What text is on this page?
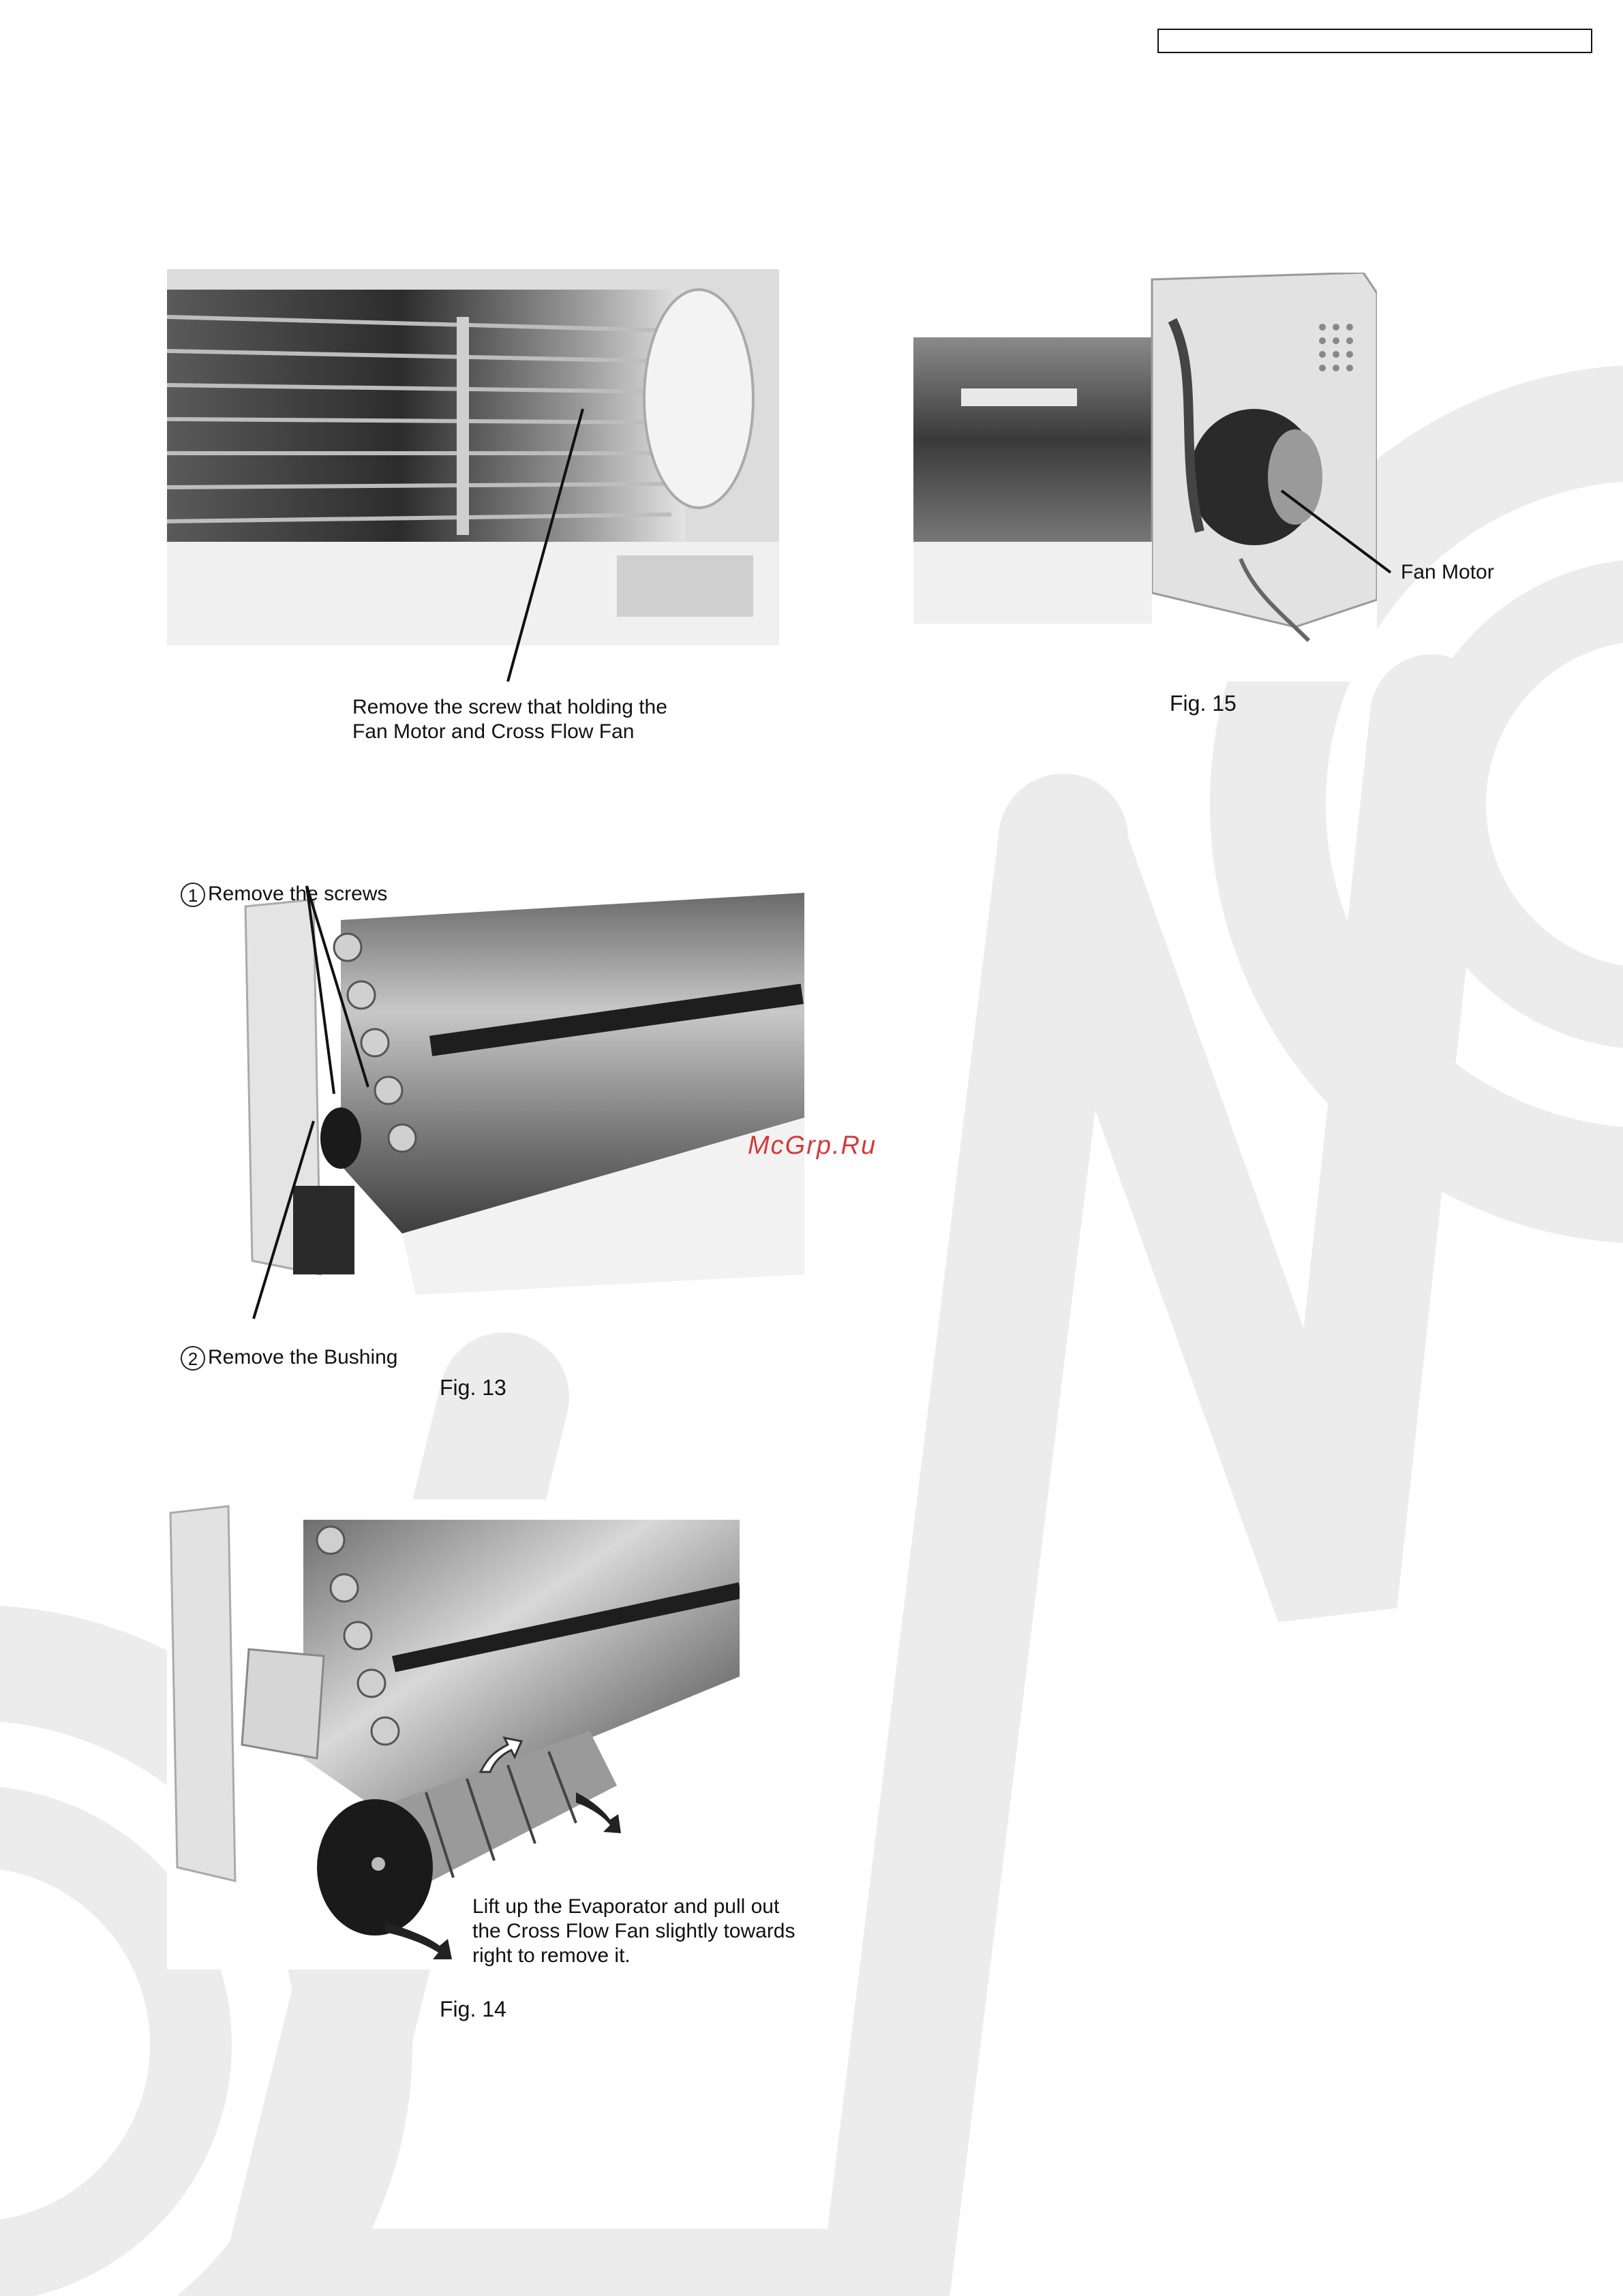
Remove the screw that holding the
Fan Motor and Cross Flow Fan
Fan Motor
Fig. 15

1 Remove the screws

2 Remove the Bushing

Fig. 13
McGrp.Ru
Lift up the Evaporator and pull out
the Cross Flow Fan slightly towards
right to remove it.
Fig. 14
